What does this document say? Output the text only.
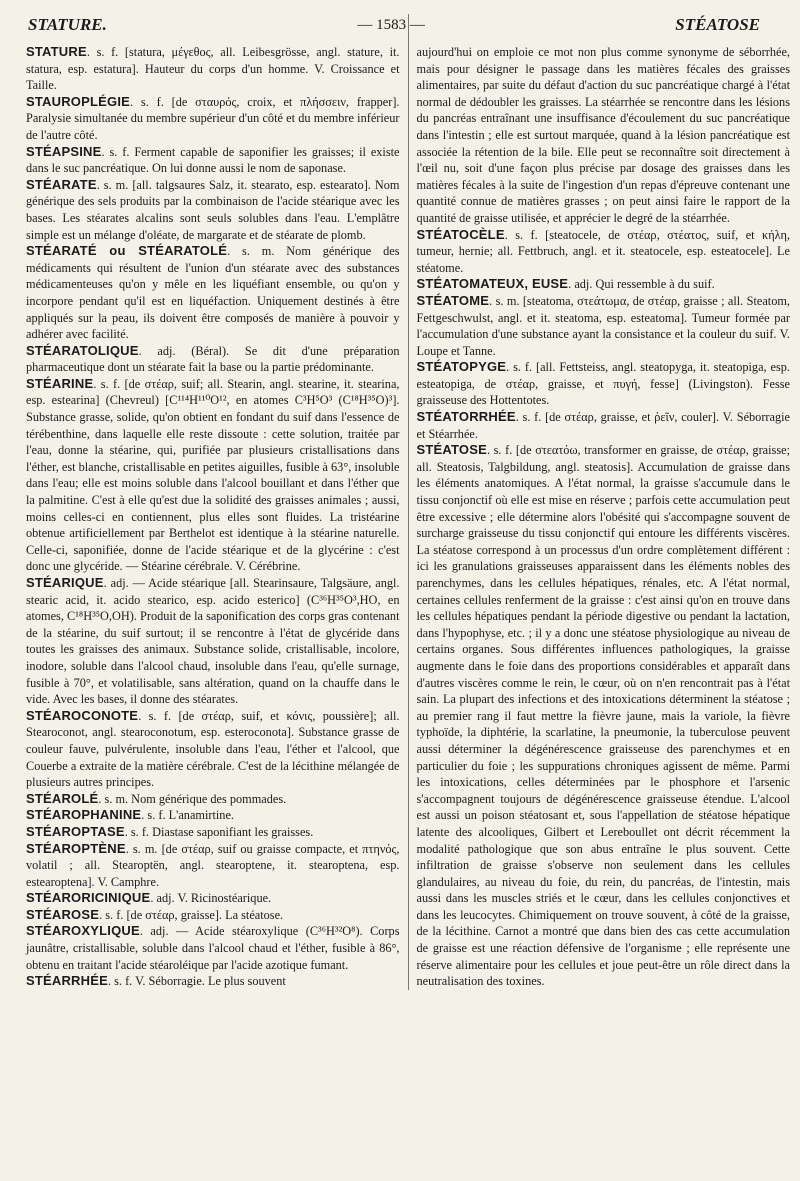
STATURE.	— 1583 —	STÉATOSE

STATURE. s. f. [statura, μέγεθος, all. Leibesgrösse, angl. stature, it. statura, esp. estatura]. Hauteur du corps d'un homme. V. Croissance et Taille.

STAUROPLÉGIE. s. f. [de σταυρός, croix, et πλήσσειν, frapper]. Paralysie simultanée du membre supérieur d'un côté et du membre inférieur de l'autre côté.

STÉAPSINE. s. f. Ferment capable de saponifier les graisses; il existe dans le suc pancréatique. On lui donne aussi le nom de saponase.

STÉARATE. s. m. [all. talgsaures Salz, it. stearato, esp. estearato]. Nom générique des sels produits par la combinaison de l'acide stéarique avec les bases. Les stéarates alcalins sont seuls solubles dans l'eau. L'emplâtre simple est un mélange d'oléate, de margarate et de stéarate de plomb.

STÉARATÉ ou STÉARATOLÉ. s. m. Nom générique des médicaments qui résultent de l'union d'un stéarate avec des substances médicamenteuses qu'on y mêle en les liquéfiant ensemble, ou qu'on y incorpore pendant qu'il est en liquéfaction. Uniquement destinés à être appliqués sur la peau, ils doivent être composés de manière à pouvoir y adhérer avec facilité.

STÉARATOLIQUE. adj. (Béral). Se dit d'une préparation pharmaceutique dont un stéarate fait la base ou la partie prédominante.

STÉARINE. s. f. [de στέαρ, suif; all. Stearin, angl. stearine, it. stearina, esp. estearina] (Chevreul) [C¹¹⁴H¹¹⁰O¹², en atomes C³H⁵O³ (C¹⁸H³⁵O)³]. Substance grasse, solide, qu'on obtient en fondant du suif dans l'essence de térébenthine, dans laquelle elle reste dissoute : cette solution, traitée par l'eau, donne la stéarine, qui, purifiée par plusieurs cristallisations dans l'éther, est blanche, cristallisable en petites aiguilles, fusible à 63°, insoluble dans l'eau; elle est moins soluble dans l'alcool bouillant et dans l'éther que la palmitine. C'est à elle qu'est due la solidité des graisses animales ; aussi, moins celles-ci en contiennent, plus elles sont fluides. La tristéarine obtenue artificiellement par Berthelot est identique à la stéarine naturelle. Celle-ci, saponifiée, donne de l'acide stéarique et de la glycérine : c'est donc une glycéride. — Stéarine cérébrale. V. Cérébrine.

STÉARIQUE. adj. — Acide stéarique [all. Stearinsaure, Talgsäure, angl. stearic acid, it. acido stearico, esp. acido esterico] (C³⁶H³⁵O³,HO, en atomes, C¹⁸H³⁵O,OH). Produit de la saponification des corps gras contenant de la stéarine, du suif surtout; il se rencontre à l'état de glycéride dans toutes les graisses des animaux. Substance solide, cristallisable, incolore, inodore, soluble dans l'alcool chaud, insoluble dans l'eau, qu'elle surnage, fusible à 70°, et volatilisable, sans altération, quand on la chauffe dans le vide. Avec les bases, il donne des stéarates.

STÉAROCONOTE. s. f. [de στέαρ, suif, et κόνις, poussière]; all. Stearoconot, angl. stearoconotum, esp. esteroconota]. Substance grasse de couleur fauve, pulvérulente, insoluble dans l'eau, l'éther et l'alcool, que Couerbe a extraite de la matière cérébrale. C'est de la lécithine mélangée de plusieurs autres principes.

STÉAROLÉ. s. m. Nom générique des pommades.

STÉAROPHANINE. s. f. L'anamirtine.

STÉAROPTASE. s. f. Diastase saponifiant les graisses.

STÉAROPTÈNE. s. m. [de στέαρ, suif ou graisse compacte, et πτηνός, volatil ; all. Stearoptën, angl. stearoptene, it. stearoptena, esp. estearoptena]. V. Camphre.

STÉARORICINIQUE. adj. V. Ricinostéarique.

STÉAROSE. s. f. [de στέαρ, graisse]. La stéatose.

STÉAROXYLIQUE. adj. — Acide stéaroxylique (C³⁶H³²O⁸). Corps jaunâtre, cristallisable, soluble dans l'alcool chaud et l'éther, fusible à 86°, obtenu en traitant l'acide stéaroléique par l'acide azotique fumant.

STÉARRHÉE. s. f. V. Séborragie. Le plus souvent

aujourd'hui on emploie ce mot non plus comme synonyme de séborrhée, mais pour désigner le passage dans les matières fécales des graisses alimentaires, par suite du défaut d'action du suc pancréatique chargé à l'état normal de dédoubler les graisses. La stéarrhée se rencontre dans les lésions du pancréas entraînant une insuffisance d'écoulement du suc pancréatique dans l'intestin ; elle est surtout marquée, quand à la lésion pancréatique est associée la rétention de la bile. Elle peut se reconnaître soit directement à l'œil nu, soit d'une façon plus précise par dosage des graisses dans les matières fécales à la suite de l'ingestion d'un repas d'épreuve contenant une quantité connue de matières grasses ; on peut ainsi faire le rapport de la quantité de graisse utilisée, et apprécier le degré de la stéarrhée.

STÉATOCÈLE. s. f. [steatocele, de στέαρ, στέατος, suif, et κήλη, tumeur, hernie; all. Fettbruch, angl. et it. steatocele, esp. esteatocele]. Le stéatome.

STÉATOMATEUX, EUSE. adj. Qui ressemble à du suif.

STÉATOME. s. m. [steatoma, στεάτωμα, de στέαρ, graisse ; all. Steatom, Fettgeschwulst, angl. et it. steatoma, esp. esteatoma]. Tumeur formée par l'accumulation d'une substance ayant la consistance et la couleur du suif. V. Loupe et Tanne.

STÉATOPYGE. s. f. [all. Fettsteiss, angl. steatopyga, it. steatopiga, esp. esteatopiga, de στέαρ, graisse, et πυγή, fesse] (Livingston). Fesse graisseuse des Hottentotes.

STÉATORRHÉE. s. f. [de στέαρ, graisse, et ῥεῖν, couler]. V. Séborragie et Stéarrhée.

STÉATOSE. s. f. [de στεατόω, transformer en graisse, de στέαρ, graisse; all. Steatosis, Talgbildung, angl. steatosis]. Accumulation de graisse dans les éléments anatomiques. A l'état normal, la graisse s'accumule dans le tissu conjonctif où elle est mise en réserve ; parfois cette accumulation peut être excessive ; elle détermine alors l'obésité qui s'accompagne souvent de surcharge graisseuse du tissu conjonctif qui entoure les différents viscères. La stéatose correspond à un processus d'un ordre complètement différent : ici les granulations graisseuses apparaissent dans les éléments nobles des parenchymes, dans les cellules hépatiques, rénales, etc. A l'état normal, certaines cellules renferment de la graisse : c'est ainsi qu'on en trouve dans les cellules hépatiques pendant la période digestive ou pendant la lactation, dans l'hypophyse, etc. ; il y a donc une stéatose physiologique au niveau de certains organes. Sous différentes influences pathologiques, la graisse augmente dans le foie dans des proportions considérables et apparaît dans d'autres viscères comme le rein, le cœur, où on n'en rencontrait pas à l'état sain. La plupart des infections et des intoxications déterminent la stéatose ; au premier rang il faut mettre la fièvre jaune, mais la variole, la fièvre typhoïde, la diphtérie, la scarlatine, la pneumonie, la tuberculose peuvent aussi déterminer la dégénérescence graisseuse des parenchymes et en particulier du foie ; les suppurations chroniques agissent de même. Parmi les intoxications, celles déterminées par le phosphore et l'arsenic s'accompagnent toujours de dégénérescence graisseuse étendue. L'alcool est aussi un poison stéatosant et, sous l'appellation de stéatose hépatique latente des alcooliques, Gilbert et Lereboullet ont décrit récemment la modalité pathologique que son abus entraîne le plus souvent. Cette infiltration de graisse s'observe non seulement dans les cellules glandulaires, au niveau du foie, du rein, du pancréas, de l'intestin, mais aussi dans les muscles striés et le cœur, dans les cellules conjonctives et dans les leucocytes. Chimiquement on trouve souvent, à côté de la graisse, de la lécithine. Carnot a montré que dans bien des cas cette accumulation de graisse est une réaction défensive de l'organisme ; elle représente une réserve alimentaire pour les cellules et joue peut-être un rôle direct dans la neutralisation des toxines.
